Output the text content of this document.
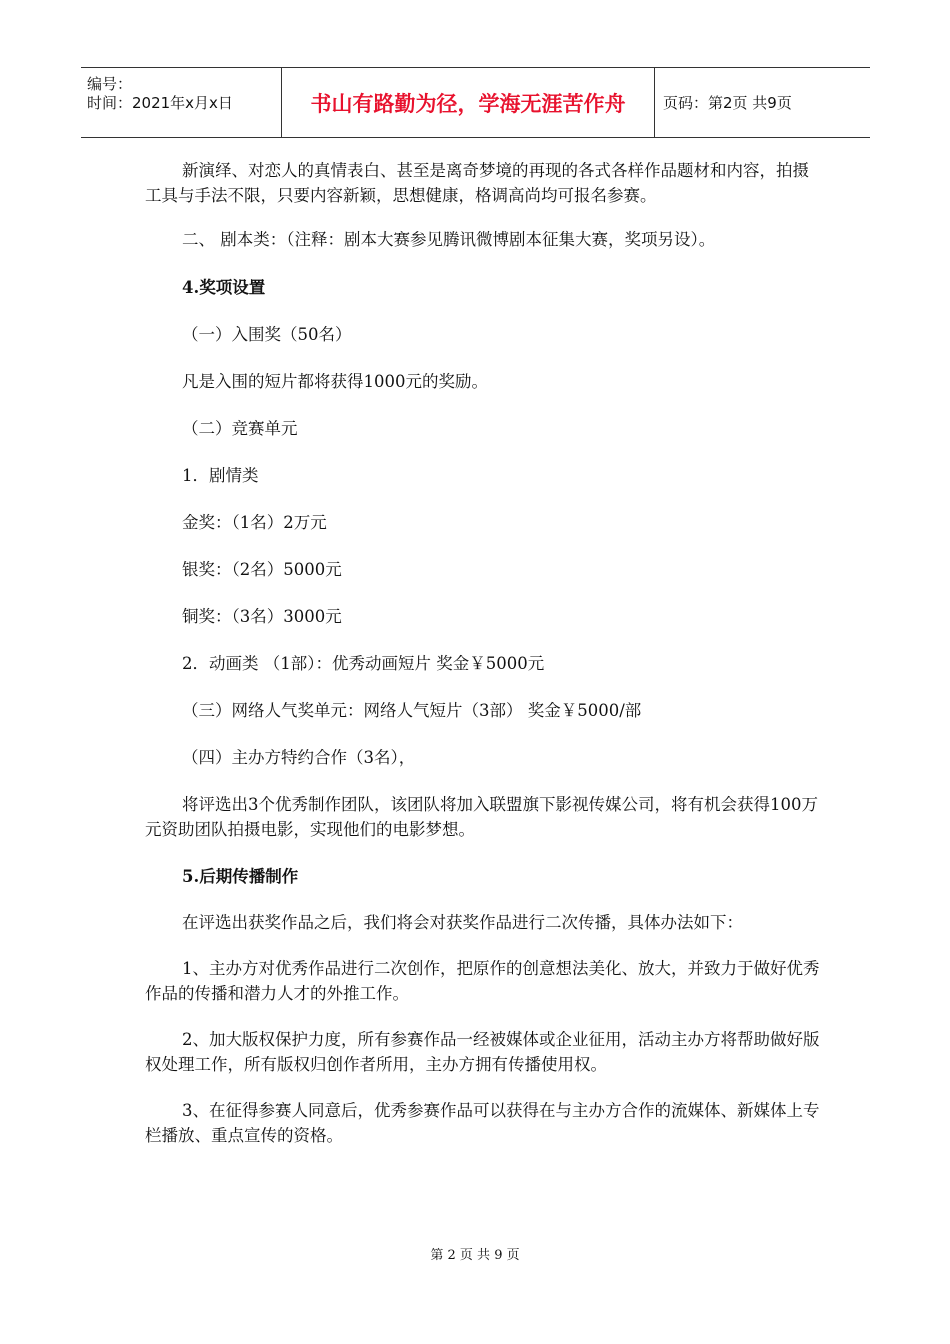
编号：
时间：2021年x月x日	书山有路勤为径，学海无涯苦作舟	页码：第2页 共9页

新演绎、对恋人的真情表白、甚至是离奇梦境的再现的各式各样作品题材和内容，拍摄工具与手法不限，只要内容新颖，思想健康，格调高尚均可报名参赛。

二、 剧本类：（注释：剧本大赛参见腾讯微博剧本征集大赛，奖项另设）。

4.奖项设置

（一）入围奖（50名）

凡是入围的短片都将获得1000元的奖励。

（二）竞赛单元

1．剧情类

金奖：（1名）2万元

银奖：（2名）5000元

铜奖：（3名）3000元

2．动画类 （1部）：优秀动画短片 奖金￥5000元

（三）网络人气奖单元：网络人气短片（3部） 奖金￥5000/部

（四）主办方特约合作（3名），

将评选出3个优秀制作团队，该团队将加入联盟旗下影视传媒公司，将有机会获得100万元资助团队拍摄电影，实现他们的电影梦想。

5.后期传播制作

在评选出获奖作品之后，我们将会对获奖作品进行二次传播，具体办法如下：

1、主办方对优秀作品进行二次创作，把原作的创意想法美化、放大，并致力于做好优秀作品的传播和潜力人才的外推工作。

2、加大版权保护力度，所有参赛作品一经被媒体或企业征用，活动主办方将帮助做好版权处理工作，所有版权归创作者所用，主办方拥有传播使用权。

3、在征得参赛人同意后，优秀参赛作品可以获得在与主办方合作的流媒体、新媒体上专栏播放、重点宣传的资格。

第 2 页 共 9 页
